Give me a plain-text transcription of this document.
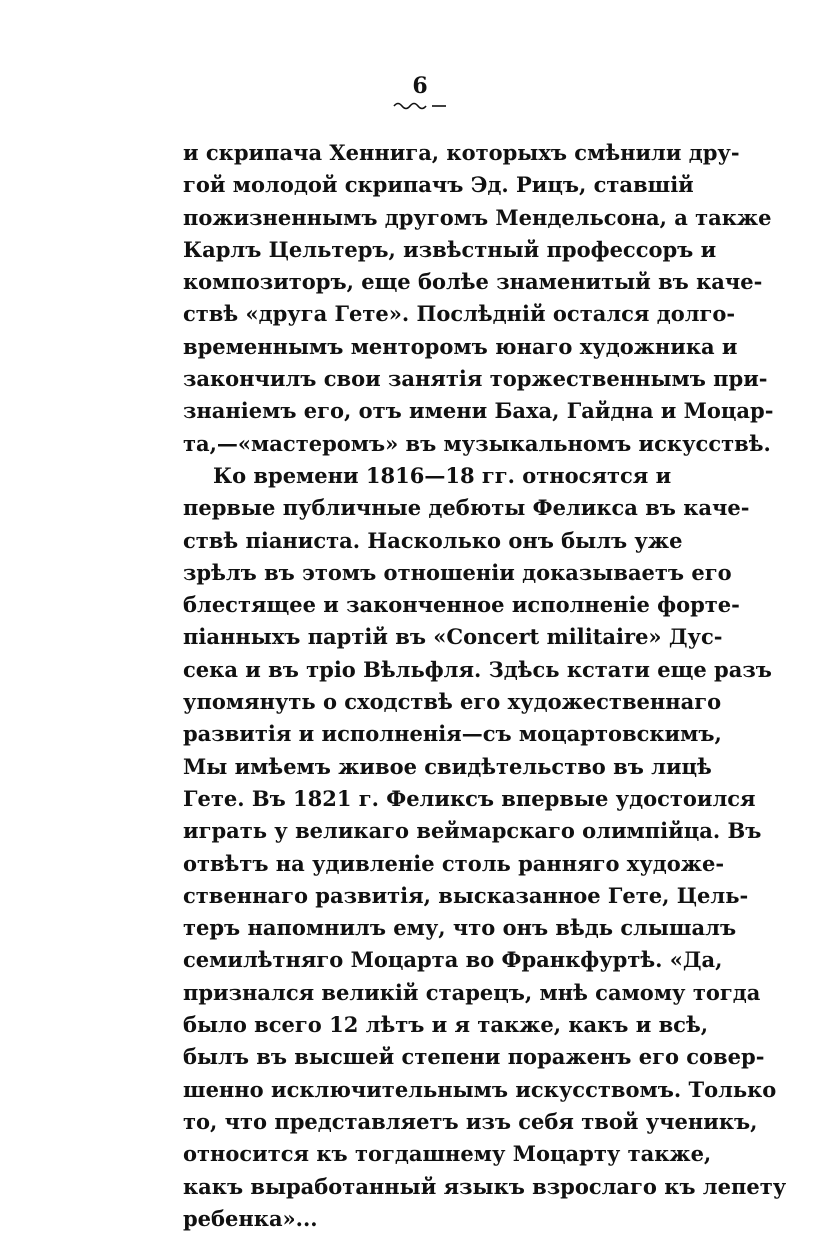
6
и скрипача Хеннига, которыхъ смѣнили дру-
гой молодой скрипачъ Эд. Рицъ, ставшій
пожизненнымъ другомъ Мендельсона, а также
Карлъ Цельтеръ, извѣстный профессоръ и
композиторъ, еще болѣе знаменитый въ каче-
ствѣ «друга Гете». Послѣдній остался долго-
временнымъ менторомъ юнаго художника и
закончилъ свои занятія торжественнымъ при-
знаніемъ его, отъ имени Баха, Гайдна и Моцар-
та,—«мастеромъ» въ музыкальномъ искусствѣ.
Ко времени 1816—18 гг. относятся и
первые публичные дебюты Феликса въ каче-
ствѣ піаниста. Насколько онъ былъ уже
зрѣлъ въ этомъ отношеніи доказываетъ его
блестящее и законченное исполненіе форте-
піанныхъ партій въ «Concert militaire» Дус-
сека и въ тріо Вѣльфля. Здѣсь кстати еще разъ
упомянуть о сходствѣ его художественнаго
развитія и исполненія—съ моцартовскимъ,
Мы имѣемъ живое свидѣтельство въ лицѣ
Гете. Въ 1821 г. Феликсъ впервые удостоился
играть у великаго веймарскаго олимпійца. Въ
отвѣтъ на удивленіе столь ранняго художе-
ственнаго развитія, высказанное Гете, Цель-
теръ напомнилъ ему, что онъ вѣдь слышалъ
семилѣтняго Моцарта во Франкфуртѣ. «Да,
признался великій старецъ, мнѣ самому тогда
было всего 12 лѣтъ и я также, какъ и всѣ,
былъ въ высшей степени пораженъ его совер-
шенно исключительнымъ искусствомъ. Только
то, что представляетъ изъ себя твой ученикъ,
относится къ тогдашнему Моцарту также,
какъ выработанный языкъ взрослаго къ лепету
ребенка»...
